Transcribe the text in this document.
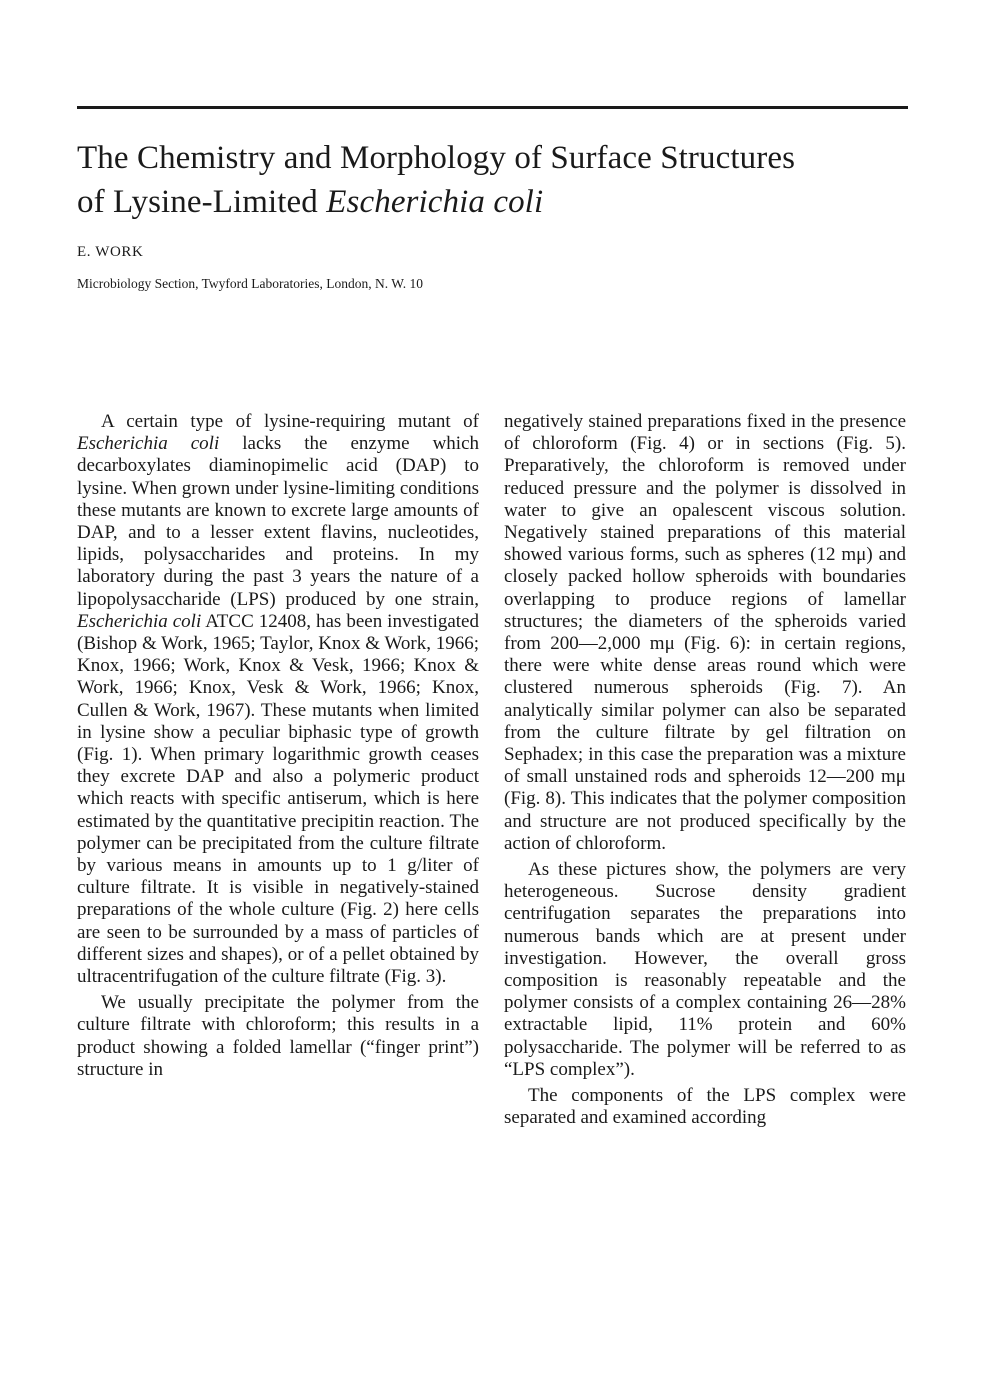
The Chemistry and Morphology of Surface Structures
of Lysine-Limited Escherichia coli

E. WORK

Microbiology Section, Twyford Laboratories, London, N. W. 10

A certain type of lysine-requiring mutant of Escherichia coli lacks the enzyme which decarboxylates diaminopimelic acid (DAP) to lysine. When grown under lysine-limiting conditions these mutants are known to excrete large amounts of DAP, and to a lesser extent flavins, nucleotides, lipids, polysaccharides and proteins. In my laboratory during the past 3 years the nature of a lipopolysaccharide (LPS) produced by one strain, Escherichia coli ATCC 12408, has been investigated (Bishop & Work, 1965; Taylor, Knox & Work, 1966; Knox, 1966; Work, Knox & Vesk, 1966; Knox & Work, 1966; Knox, Vesk & Work, 1966; Knox, Cullen & Work, 1967). These mutants when limited in lysine show a peculiar biphasic type of growth (Fig. 1). When primary logarithmic growth ceases they excrete DAP and also a polymeric product which reacts with specific antiserum, which is here estimated by the quantitative precipitin reaction. The polymer can be precipitated from the culture filtrate by various means in amounts up to 1 g/liter of culture filtrate. It is visible in negatively-stained preparations of the whole culture (Fig. 2) here cells are seen to be surrounded by a mass of particles of different sizes and shapes), or of a pellet obtained by ultracentrifugation of the culture filtrate (Fig. 3).

We usually precipitate the polymer from the culture filtrate with chloroform; this results in a product showing a folded lamellar (“finger print”) structure in

negatively stained preparations fixed in the presence of chloroform (Fig. 4) or in sections (Fig. 5). Preparatively, the chloroform is removed under reduced pressure and the polymer is dissolved in water to give an opalescent viscous solution. Negatively stained preparations of this material showed various forms, such as spheres (12 mμ) and closely packed hollow spheroids with boundaries overlapping to produce regions of lamellar structures; the diameters of the spheroids varied from 200—2,000 mμ (Fig. 6): in certain regions, there were white dense areas round which were clustered numerous spheroids (Fig. 7). An analytically similar polymer can also be separated from the culture filtrate by gel filtration on Sephadex; in this case the preparation was a mixture of small unstained rods and spheroids 12—200 mμ (Fig. 8). This indicates that the polymer composition and structure are not produced specifically by the action of chloroform.

As these pictures show, the polymers are very heterogeneous. Sucrose density gradient centrifugation separates the preparations into numerous bands which are at present under investigation. However, the overall gross composition is reasonably repeatable and the polymer consists of a complex containing 26—28% extractable lipid, 11% protein and 60% polysaccharide. The polymer will be referred to as “LPS complex”).

The components of the LPS complex were separated and examined according
